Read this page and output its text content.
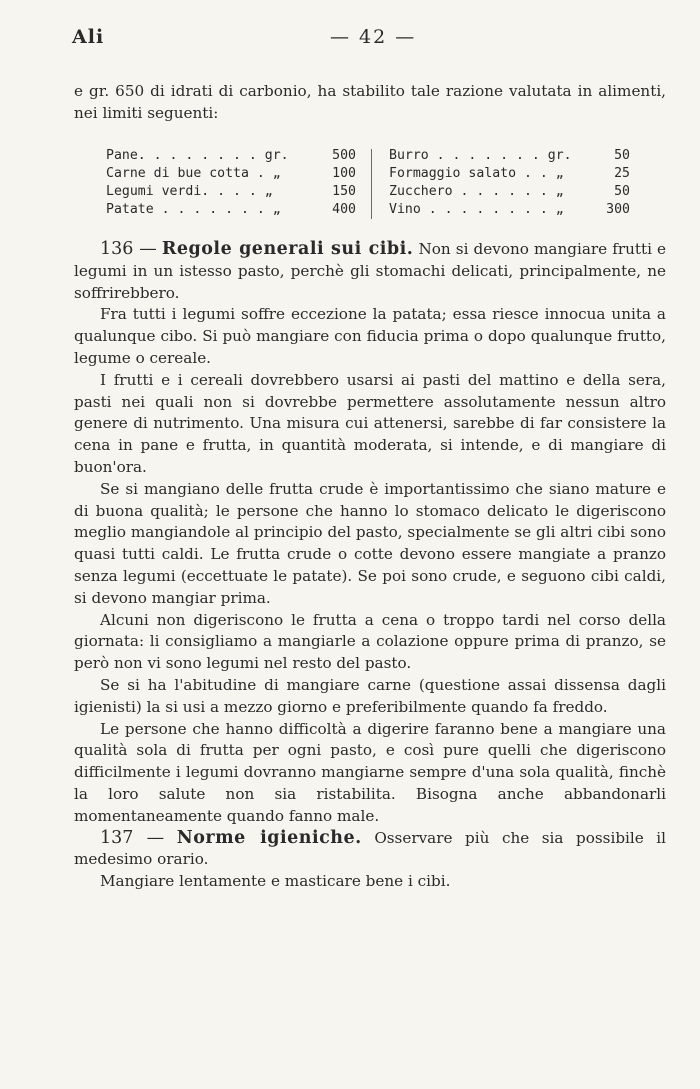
Ali	— 42 —

e gr. 650 di idrati di carbonio, ha stabilito tale razione valutata in alimenti, nei limiti seguenti:

Pane. . . . . . . . gr.	500
Carne di bue cotta . „	100
Legumi verdi. . . . „	150
Patate . . . . . . . „	400
Burro . . . . . . . gr.	50
Formaggio salato . . „	25
Zucchero . . . . . . „	50
Vino . . . . . . . . „	300

136 — Regole generali sui cibi. Non si devono mangiare frutti e legumi in un istesso pasto, perchè gli stomachi delicati, principalmente, ne soffrirebbero.

Fra tutti i legumi soffre eccezione la patata; essa riesce innocua unita a qualunque cibo. Si può mangiare con fiducia prima o dopo qualunque frutto, legume o cereale.

I frutti e i cereali dovrebbero usarsi ai pasti del mattino e della sera, pasti nei quali non si dovrebbe permettere assolutamente nessun altro genere di nutrimento. Una misura cui attenersi, sarebbe di far consistere la cena in pane e frutta, in quantità moderata, si intende, e di mangiare di buon'ora.

Se si mangiano delle frutta crude è importantissimo che siano mature e di buona qualità; le persone che hanno lo stomaco delicato le digeriscono meglio mangiandole al principio del pasto, specialmente se gli altri cibi sono quasi tutti caldi. Le frutta crude o cotte devono essere mangiate a pranzo senza legumi (eccettuate le patate). Se poi sono crude, e seguono cibi caldi, si devono mangiar prima.

Alcuni non digeriscono le frutta a cena o troppo tardi nel corso della giornata: li consigliamo a mangiarle a colazione oppure prima di pranzo, se però non vi sono legumi nel resto del pasto.

Se si ha l'abitudine di mangiare carne (questione assai dissensa dagli igienisti) la si usi a mezzo giorno e preferibilmente quando fa freddo.

Le persone che hanno difficoltà a digerire faranno bene a mangiare una qualità sola di frutta per ogni pasto, e così pure quelli che digeriscono difficilmente i legumi dovranno mangiarne sempre d'una sola qualità, finchè la loro salute non sia ristabilita. Bisogna anche abbandonarli momentaneamente quando fanno male.

137 — Norme igieniche. Osservare più che sia possibile il medesimo orario.

Mangiare lentamente e masticare bene i cibi.
